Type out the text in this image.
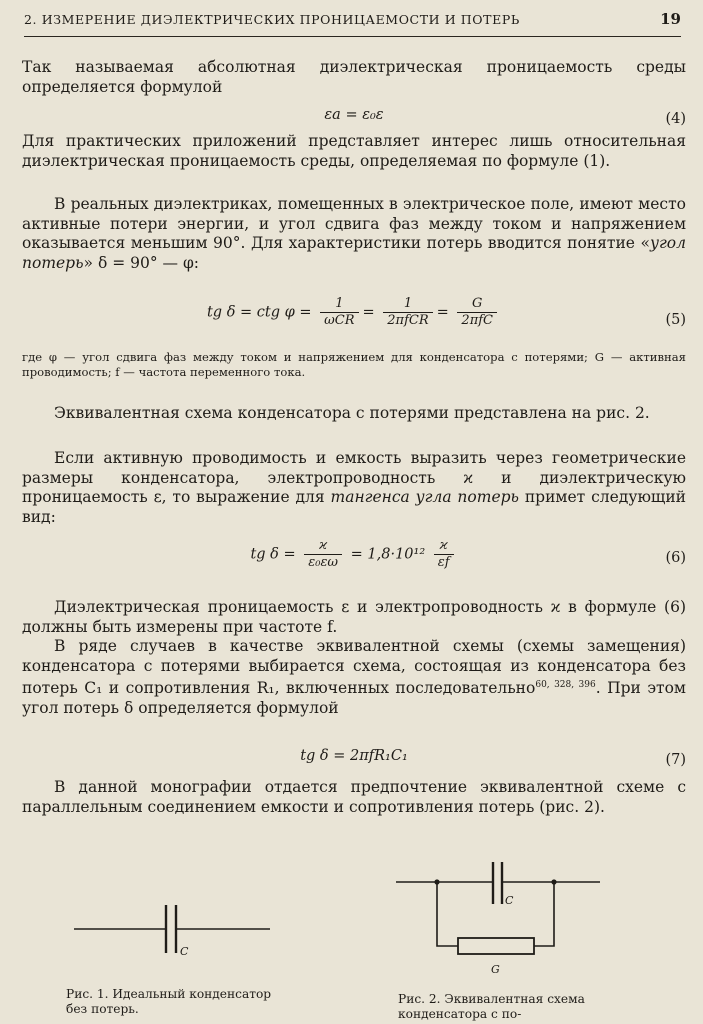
2. ИЗМЕРЕНИЕ ДИЭЛЕКТРИЧЕСКИХ ПРОНИЦАЕМОСТИ И ПОТЕРЬ	19

Так называемая абсолютная диэлектрическая проницаемость среды определяется формулой

εа = ε₀ε	(4)

Для практических приложений представляет интерес лишь относительная диэлектрическая проницаемость среды, определяемая по формуле (1).

В реальных диэлектриках, помещенных в электрическое поле, имеют место активные потери энергии, и угол сдвига фаз между током и напряжением оказывается меньшим 90°. Для характеристики потерь вводится понятие «угол потерь» δ = 90° — φ:

tg δ = ctg $\varphi = \frac{1}{\text{ωCR}} = \frac{1}{\text{2πfCR}} = \frac{G}{\text{2πfC}}$	(5)

где φ — угол сдвига фаз между током и напряжением для конденсатора с потерями; G — активная проводимость; f — частота переменного тока.

Эквивалентная схема конденсатора с потерями представлена на рис. 2.

Если активную проводимость и емкость выразить через геометрические размеры конденсатора, электропроводность ϰ и диэлектрическую проницаемость ε, то выражение для тангенса угла потерь примет следующий вид:

tg $\delta = \frac{ϰ}{\text{ε₀εω}} = 1,8\cdot 10^{12} \frac{ϰ}{\varepsilon f}$	(6)

Диэлектрическая проницаемость ε и электропроводность ϰ в формуле (6) должны быть измерены при частоте f.

В ряде случаев в качестве эквивалентной схемы (схемы замещения) конденсатора с потерями выбирается схема, состоящая из конденсатора без потерь C₁ и сопротивления R₁, включенных последовательно$^{60, 328, 396}$. При этом угол потерь δ определяется формулой

tg δ = 2πfR₁C₁	(7)

В данной монографии отдается предпочтение эквивалентной схеме с параллельным соединением емкости и сопротивления потерь (рис. 2).

C

Рис. 1. Идеальный конденсатор без потерь.

C
G

Рис. 2. Эквивалентная схема конденсатора с по-
